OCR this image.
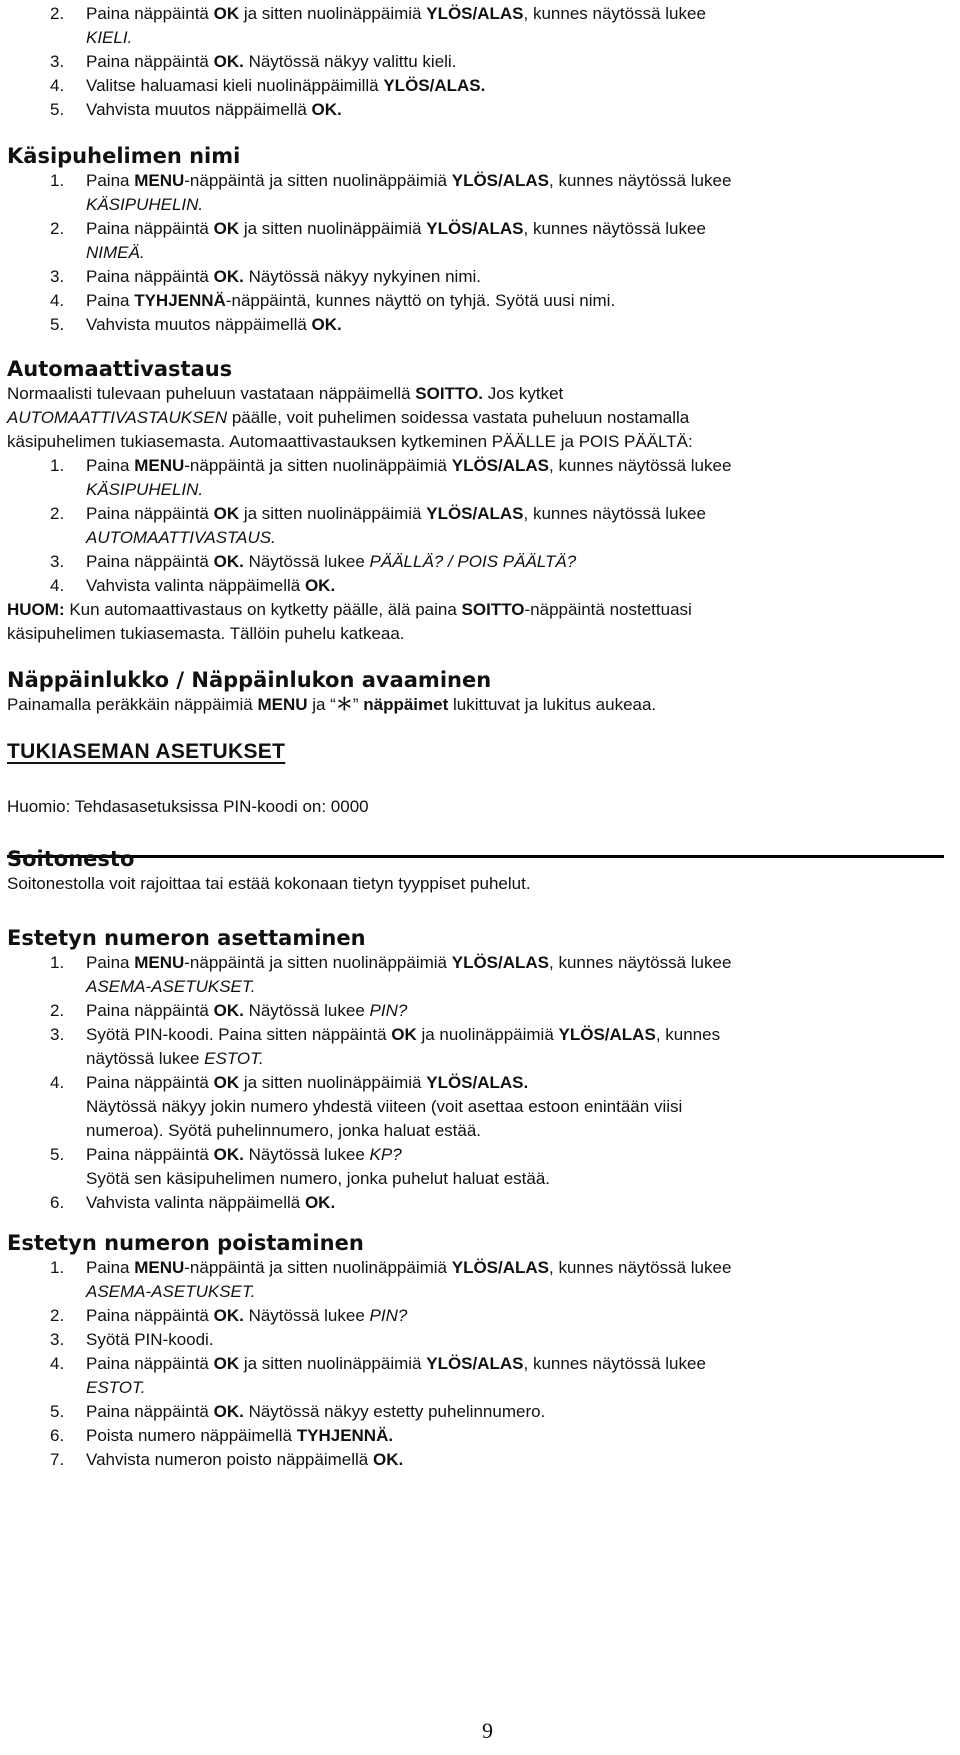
2. Paina näppäintä OK ja sitten nuolinäppäimiä YLÖS/ALAS, kunnes näytössä lukee
KIELI.
3. Paina näppäintä OK. Näytössä näkyy valittu kieli.
4. Valitse haluamasi kieli nuolinäppäimillä YLÖS/ALAS.
5. Vahvista muutos näppäimellä OK.
Käsipuhelimen nimi
1. Paina MENU-näppäintä ja sitten nuolinäppäimiä YLÖS/ALAS, kunnes näytössä lukee
KÄSIPUHELIN.
2. Paina näppäintä OK ja sitten nuolinäppäimiä YLÖS/ALAS, kunnes näytössä lukee
NIMEÄ.
3. Paina näppäintä OK. Näytössä näkyy nykyinen nimi.
4. Paina TYHJENNÄ-näppäintä, kunnes näyttö on tyhjä. Syötä uusi nimi.
5. Vahvista muutos näppäimellä OK.
Automaattivastaus

Normaalisti tulevaan puheluun vastataan näppäimellä SOITTO. Jos kytket

AUTOMAATTIVASTAUKSEN päälle, voit puhelimen soidessa vastata puheluun nostamalla

käsipuhelimen tukiasemasta. Automaattivastauksen kytkeminen PÄÄLLE ja POIS PÄÄLTÄ:

1. Paina MENU-näppäintä ja sitten nuolinäppäimiä YLÖS/ALAS, kunnes näytössä lukee
KÄSIPUHELIN.
2. Paina näppäintä OK ja sitten nuolinäppäimiä YLÖS/ALAS, kunnes näytössä lukee
AUTOMAATTIVASTAUS.
3. Paina näppäintä OK. Näytössä lukee PÄÄLLÄ? / POIS PÄÄLTÄ?
4. Vahvista valinta näppäimellä OK.

HUOM: Kun automaattivastaus on kytketty päälle, älä paina SOITTO-näppäintä nostettuasi

käsipuhelimen tukiasemasta. Tällöin puhelu katkeaa.

Näppäinlukko / Näppäinlukon avaaminen

Painamalla peräkkäin näppäimiä MENU ja “＊” näppäimet lukittuvat ja lukitus aukeaa.

TUKIASEMAN ASETUKSET

Huomio: Tehdasasetuksissa PIN-koodi on: 0000

Soitonesto

Soitonestolla voit rajoittaa tai estää kokonaan tietyn tyyppiset puhelut.

Estetyn numeron asettaminen
1. Paina MENU-näppäintä ja sitten nuolinäppäimiä YLÖS/ALAS, kunnes näytössä lukee
ASEMA-ASETUKSET.
2. Paina näppäintä OK. Näytössä lukee PIN?
3. Syötä PIN-koodi. Paina sitten näppäintä OK ja nuolinäppäimiä YLÖS/ALAS, kunnes
näytössä lukee ESTOT.
4. Paina näppäintä OK ja sitten nuolinäppäimiä YLÖS/ALAS.
Näytössä näkyy jokin numero yhdestä viiteen (voit asettaa estoon enintään viisi
numeroa). Syötä puhelinnumero, jonka haluat estää.
5. Paina näppäintä OK. Näytössä lukee KP?
Syötä sen käsipuhelimen numero, jonka puhelut haluat estää.
6. Vahvista valinta näppäimellä OK.
Estetyn numeron poistaminen
1. Paina MENU-näppäintä ja sitten nuolinäppäimiä YLÖS/ALAS, kunnes näytössä lukee
ASEMA-ASETUKSET.
2. Paina näppäintä OK. Näytössä lukee PIN?
3. Syötä PIN-koodi.
4. Paina näppäintä OK ja sitten nuolinäppäimiä YLÖS/ALAS, kunnes näytössä lukee
ESTOT.
5. Paina näppäintä OK. Näytössä näkyy estetty puhelinnumero.
6. Poista numero näppäimellä TYHJENNÄ.
7. Vahvista numeron poisto näppäimellä OK.
9
